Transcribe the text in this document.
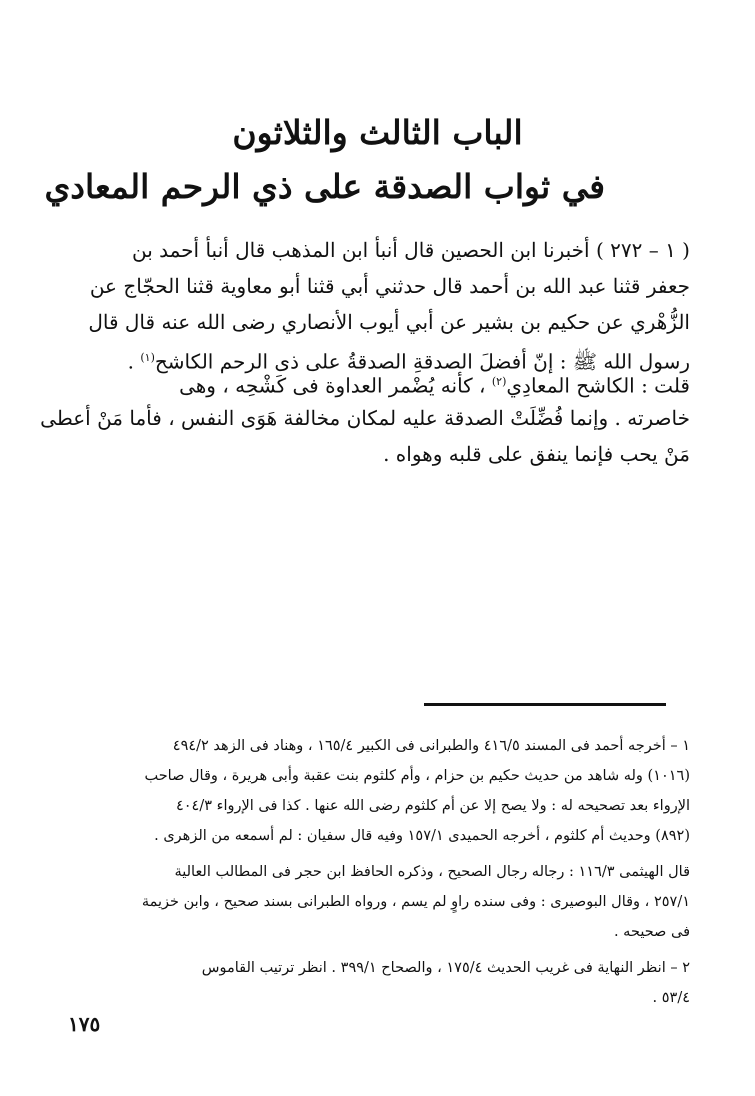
الباب الثالث والثلاثون
في ثواب الصدقة على ذي الرحم المعادي
( ١ – ٢٧٢ ) أخبرنا ابن الحصين قال أنبأ ابن المذهب قال أنبأ أحمد بن
جعفر قثنا عبد الله بن أحمد قال حدثني أبي قثنا أبو معاوية قثنا الحجّاج عن
الزُّهْري عن حكيم بن بشير عن أبي أيوب الأنصاري رضى الله عنه قال قال
رسول الله ﷺ : إنّ أفضلَ الصدقةِ الصدقةُ على ذى الرحم الكاشح$^{(١)}$ .
قلت : الكاشح المعادِي$^{(٢)}$ ، كأنه يُضْمر العداوة فى كَشْحِه ، وهى
خاصرته . وإنما فُضِّلَتْ الصدقة عليه لمكان مخالفة هَوَى النفس ، فأما مَنْ أعطى
مَنْ يحب فإنما ينفق على قلبه وهواه .
١ – أخرجه أحمد فى المسند ٤١٦/٥ والطبرانى فى الكبير ١٦٥/٤ ، وهناد فى الزهد ٤٩٤/٢
(١٠١٦) وله شاهد من حديث حكيم بن حزام ، وأم كلثوم بنت عقبة وأبى هريرة ، وقال صاحب
الإرواء بعد تصحيحه له : ولا يصح إلا عن أم كلثوم رضى الله عنها . كذا فى الإرواء ٤٠٤/٣
(٨٩٢) وحديث أم كلثوم ، أخرجه الحميدى ١٥٧/١ وفيه قال سفيان : لم أسمعه من الزهرى .
قال الهيثمى ١١٦/٣ : رجاله رجال الصحيح ، وذكره الحافظ ابن حجر فى المطالب العالية
٢٥٧/١ ، وقال البوصيرى : وفى سنده راوٍ لم يسم ، ورواه الطبرانى بسند صحيح ، وابن خزيمة
فى صحيحه .
٢ – انظر النهاية فى غريب الحديث ١٧٥/٤ ، والصحاح ٣٩٩/١ . انظر ترتيب القاموس
٥٣/٤ .
١٧٥
